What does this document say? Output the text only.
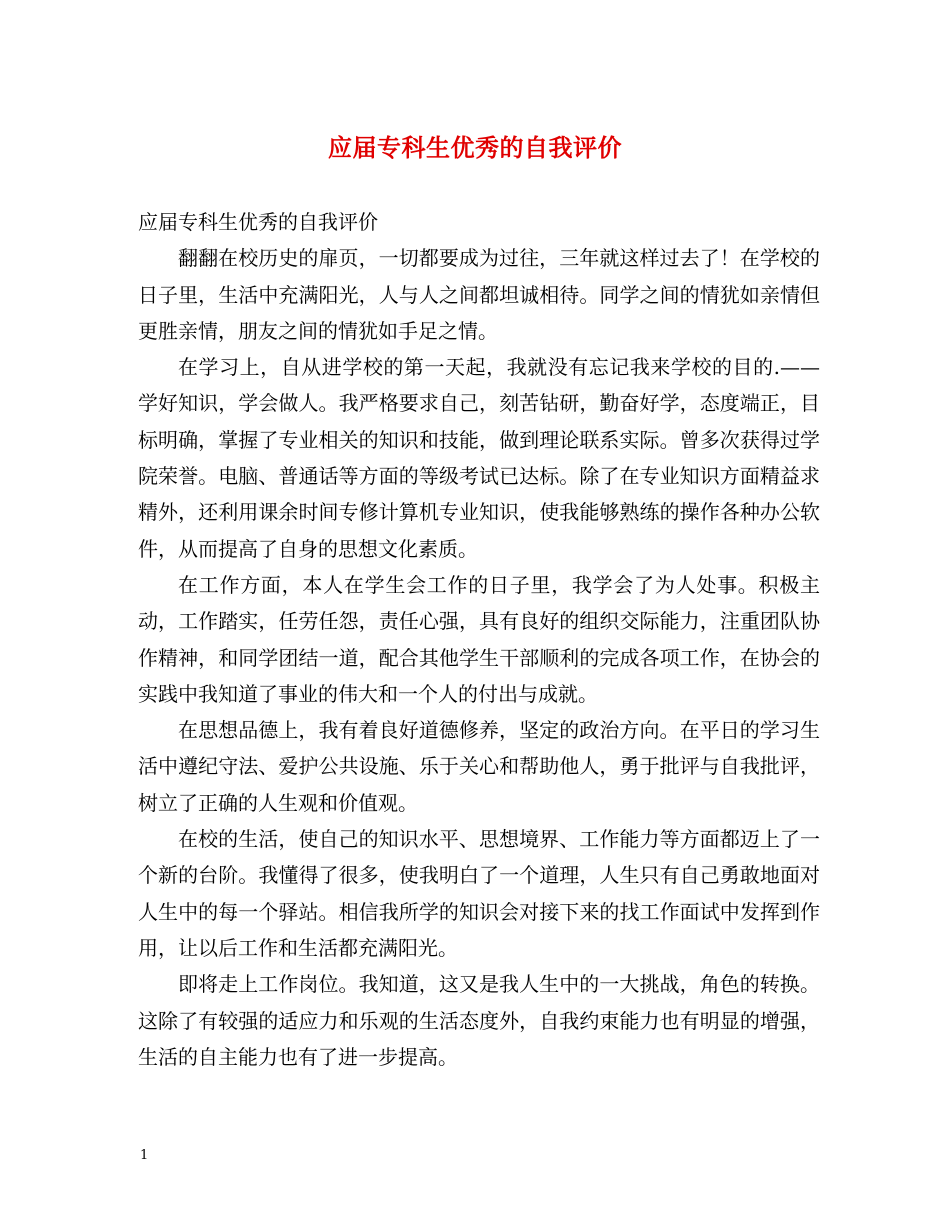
应届专科生优秀的自我评价

应届专科生优秀的自我评价

翻翻在校历史的扉页，一切都要成为过往，三年就这样过去了！在学校的日子里，生活中充满阳光，人与人之间都坦诚相待。同学之间的情犹如亲情但更胜亲情，朋友之间的情犹如手足之情。

在学习上，自从进学校的第一天起，我就没有忘记我来学校的目的.——学好知识，学会做人。我严格要求自己，刻苦钻研，勤奋好学，态度端正，目标明确，掌握了专业相关的知识和技能，做到理论联系实际。曾多次获得过学院荣誉。电脑、普通话等方面的等级考试已达标。除了在专业知识方面精益求精外，还利用课余时间专修计算机专业知识，使我能够熟练的操作各种办公软件，从而提高了自身的思想文化素质。

在工作方面，本人在学生会工作的日子里，我学会了为人处事。积极主动，工作踏实，任劳任怨，责任心强，具有良好的组织交际能力，注重团队协作精神，和同学团结一道，配合其他学生干部顺利的完成各项工作，在协会的实践中我知道了事业的伟大和一个人的付出与成就。

在思想品德上，我有着良好道德修养，坚定的政治方向。在平日的学习生活中遵纪守法、爱护公共设施、乐于关心和帮助他人，勇于批评与自我批评，树立了正确的人生观和价值观。

在校的生活，使自己的知识水平、思想境界、工作能力等方面都迈上了一个新的台阶。我懂得了很多，使我明白了一个道理，人生只有自己勇敢地面对人生中的每一个驿站。相信我所学的知识会对接下来的找工作面试中发挥到作用，让以后工作和生活都充满阳光。

即将走上工作岗位。我知道，这又是我人生中的一大挑战，角色的转换。这除了有较强的适应力和乐观的生活态度外，自我约束能力也有明显的增强，生活的自主能力也有了进一步提高。

1
